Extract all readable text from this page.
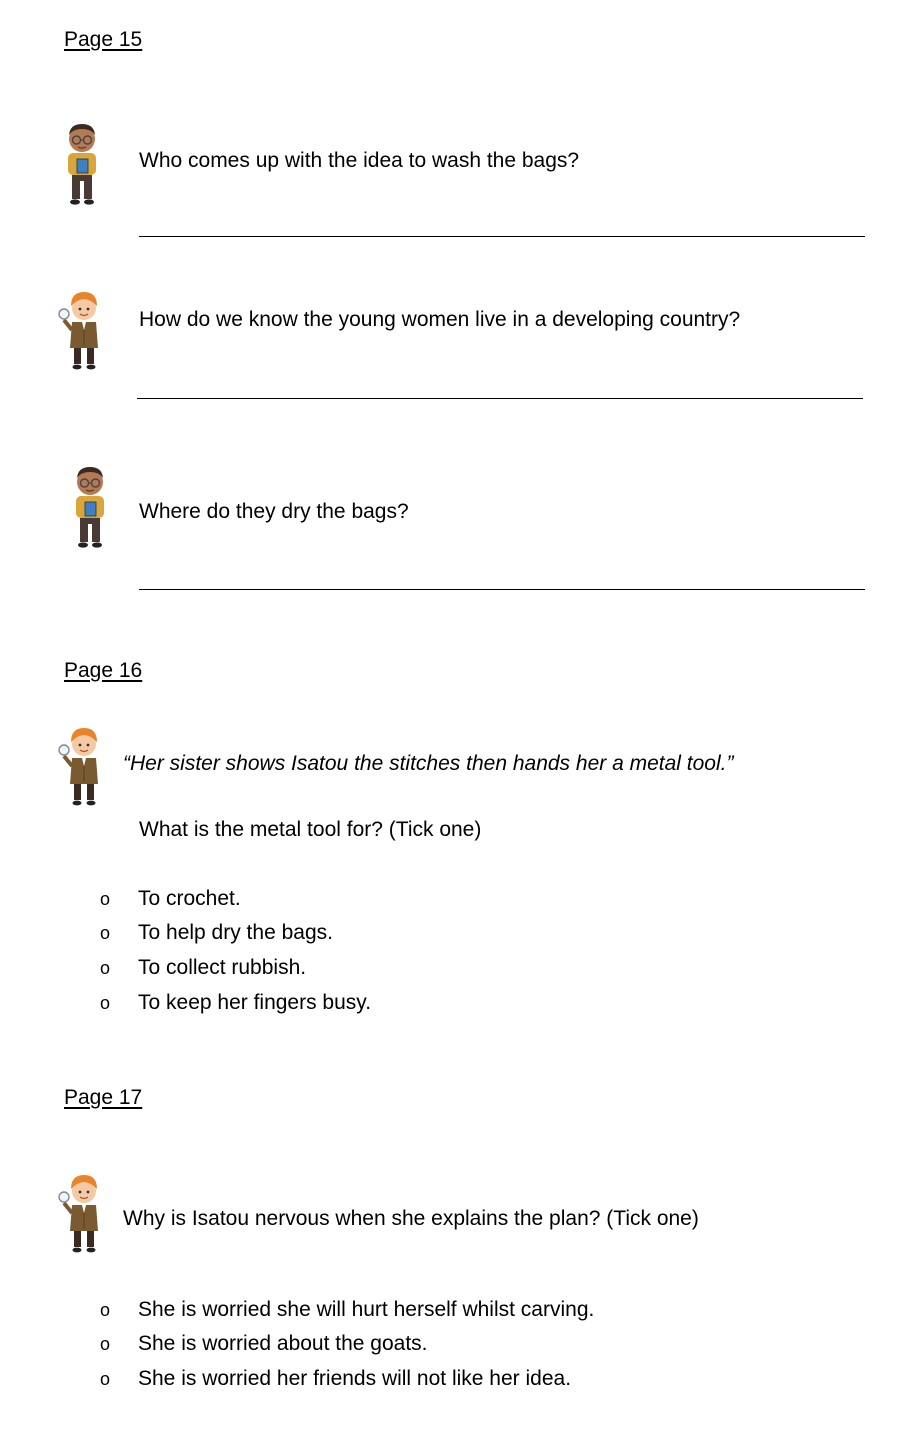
Page 15
Who comes up with the idea to wash the bags?
How do we know the young women live in a developing country?
Where do they dry the bags?
Page 16
“Her sister shows Isatou the stitches then hands her a metal tool.”
What is the metal tool for? (Tick one)
o To crochet.
o To help dry the bags.
o To collect rubbish.
o To keep her fingers busy.
Page 17
Why is Isatou nervous when she explains the plan? (Tick one)
o She is worried she will hurt herself whilst carving.
o She is worried about the goats.
o She is worried her friends will not like her idea.
